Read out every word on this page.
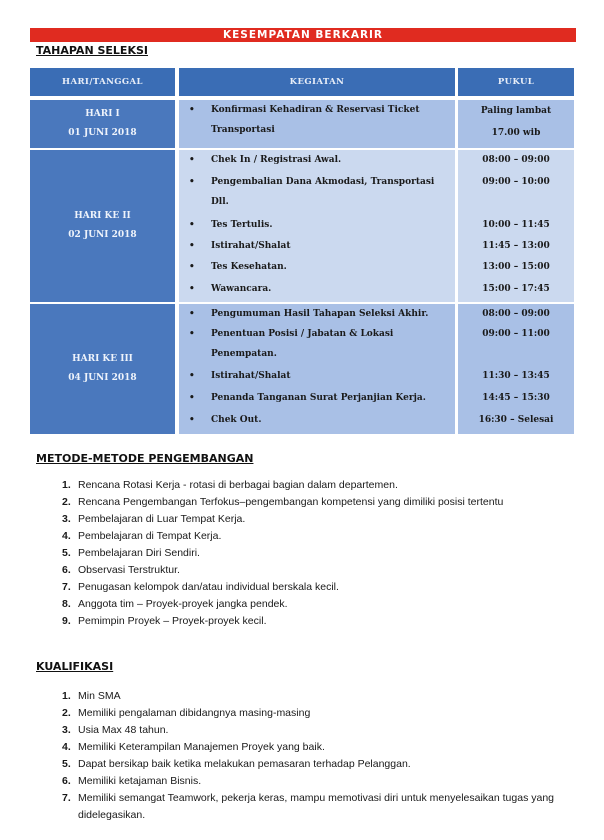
KESEMPATAN BERKARIR
TAHAPAN SELEKSI
HARI/TANGGAL	KEGIATAN	PUKUL
HARI I
01 JUNI 2018
• Konfirmasi Kehadiran & Reservasi Ticket Transportasi
Paling lambat 17.00 wib
HARI KE II
02 JUNI 2018
• Chek In / Registrasi Awal.
• Pengembalian Dana Akmodasi, Transportasi Dll.
• Tes Tertulis.
• Istirahat/Shalat
• Tes Kesehatan.
• Wawancara.
08:00 – 09:00
09:00 – 10:00
10:00 – 11:45
11:45 – 13:00
13:00 – 15:00
15:00 – 17:45
HARI KE III
04 JUNI 2018
• Pengumuman Hasil Tahapan Seleksi Akhir.
• Penentuan Posisi / Jabatan & Lokasi Penempatan.
• Istirahat/Shalat
• Penanda Tanganan Surat Perjanjian Kerja.
• Chek Out.
08:00 – 09:00
09:00 – 11:00
11:30 – 13:45
14:45 – 15:30
16:30 – Selesai
METODE-METODE PENGEMBANGAN
1. Rencana Rotasi Kerja - rotasi di berbagai bagian dalam departemen.
2. Rencana Pengembangan Terfokus–pengembangan kompetensi yang dimiliki posisi tertentu
3. Pembelajaran di Luar Tempat Kerja.
4. Pembelajaran di Tempat Kerja.
5. Pembelajaran Diri Sendiri.
6. Observasi Terstruktur.
7. Penugasan kelompok dan/atau individual berskala kecil.
8. Anggota tim – Proyek-proyek jangka pendek.
9. Pemimpin Proyek – Proyek-proyek kecil.
KUALIFIKASI
1. Min SMA
2. Memiliki pengalaman dibidangnya masing-masing
3. Usia Max 48 tahun.
4. Memiliki Keterampilan Manajemen Proyek yang baik.
5. Dapat bersikap baik ketika melakukan pemasaran terhadap Pelanggan.
6. Memiliki ketajaman Bisnis.
7. Memiliki semangat Teamwork, pekerja keras, mampu memotivasi diri untuk menyelesaikan tugas yang didelegasikan.
